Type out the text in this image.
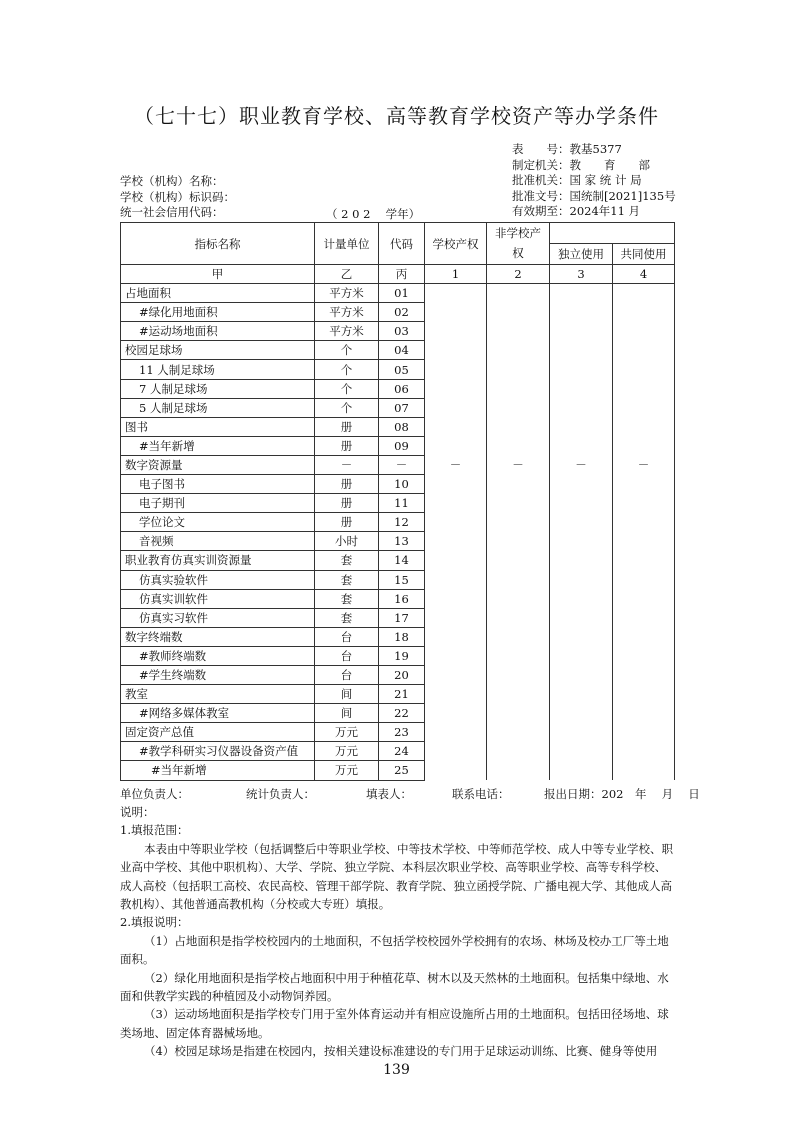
（七十七）职业教育学校、高等教育学校资产等办学条件
表　　号：教基5377
制定机关：教　　育　　部
批准机关：国 家 统 计 局
批准文号：国统制[2021]135号
有效期至：2024年11 月
学校（机构）名称：
学校（机构）标识码：
统一社会信用代码：	（ 2 0 2　 学年）
指标名称	计量单位	代码	学校产权	非学校产
权		

					独立使用	共同使用
甲	乙	丙	1	2	3	4
占地面积	平方米	01				
#绿化用地面积	平方米	02				
#运动场地面积	平方米	03				
校园足球场	个	04				
11 人制足球场	个	05				
7 人制足球场	个	06				
5 人制足球场	个	07				
图书	册	08				
#当年新增	册	09				
数字资源量	－	－	－	－	－	－
电子图书	册	10				
电子期刊	册	11				
学位论文	册	12				
音视频	小时	13				
职业教育仿真实训资源量	套	14				
仿真实验软件	套	15				
仿真实训软件	套	16				
仿真实习软件	套	17				
数字终端数	台	18				
#教师终端数	台	19				
#学生终端数	台	20				
教室	间	21				
#网络多媒体教室	间	22				
固定资产总值	万元	23				
#教学科研实习仪器设备资产值	万元	24				
#当年新增	万元	25				
单位负责人：	统计负责人：	填表人：	联系电话：	报出日期：202　年　 月　 日

说明：

1.填报范围：

本表由中等职业学校（包括调整后中等职业学校、中等技术学校、中等师范学校、成人中等专业学校、职业高中学校、其他中职机构）、大学、学院、独立学院、本科层次职业学校、高等职业学校、高等专科学校、成人高校（包括职工高校、农民高校、管理干部学院、教育学院、独立函授学院、广播电视大学、其他成人高教机构）、其他普通高教机构（分校或大专班）填报。

2.填报说明：

（1）占地面积是指学校校园内的土地面积，不包括学校校园外学校拥有的农场、林场及校办工厂等土地面积。

（2）绿化用地面积是指学校占地面积中用于种植花草、树木以及天然林的土地面积。包括集中绿地、水面和供教学实践的种植园及小动物饲养园。

（3）运动场地面积是指学校专门用于室外体育运动并有相应设施所占用的土地面积。包括田径场地、球类场地、固定体育器械场地。

（4）校园足球场是指建在校园内，按相关建设标准建设的专门用于足球运动训练、比赛、健身等使用

139
